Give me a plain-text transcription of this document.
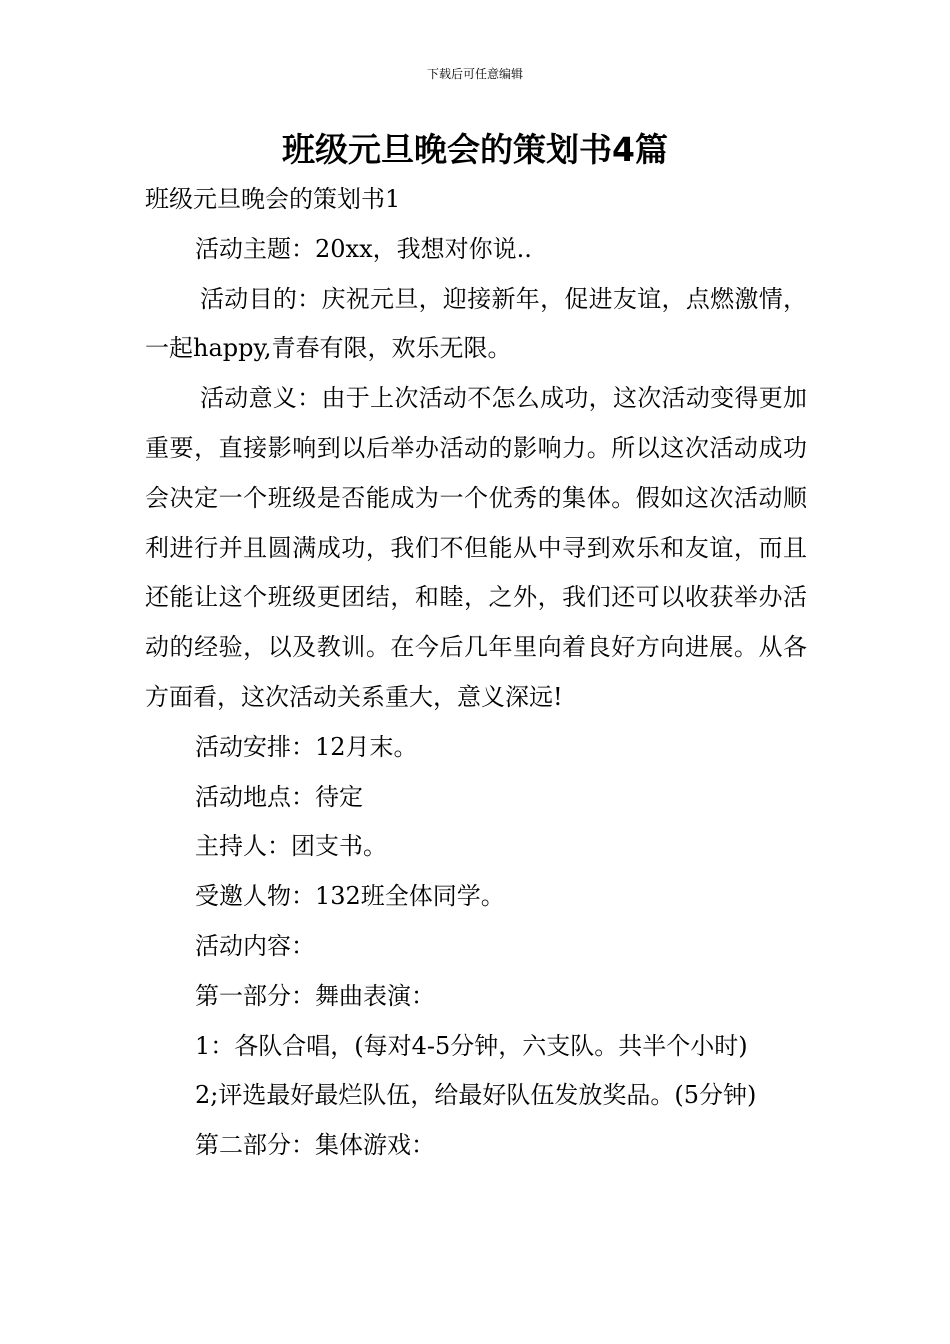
下载后可任意编辑
班级元旦晚会的策划书4篇

班级元旦晚会的策划书1

活动主题：20xx，我想对你说..

活动目的：庆祝元旦，迎接新年，促进友谊，点燃激情，一起happy,青春有限，欢乐无限。

活动意义：由于上次活动不怎么成功，这次活动变得更加重要，直接影响到以后举办活动的影响力。所以这次活动成功会决定一个班级是否能成为一个优秀的集体。假如这次活动顺利进行并且圆满成功，我们不但能从中寻到欢乐和友谊，而且还能让这个班级更团结，和睦，之外，我们还可以收获举办活动的经验，以及教训。在今后几年里向着良好方向进展。从各方面看，这次活动关系重大，意义深远!

活动安排：12月末。

活动地点：待定

主持人：团支书。

受邀人物：132班全体同学。

活动内容：

第一部分：舞曲表演：

1：各队合唱，(每对4-5分钟，六支队。共半个小时)

2;评选最好最烂队伍，给最好队伍发放奖品。(5分钟)

第二部分：集体游戏：
